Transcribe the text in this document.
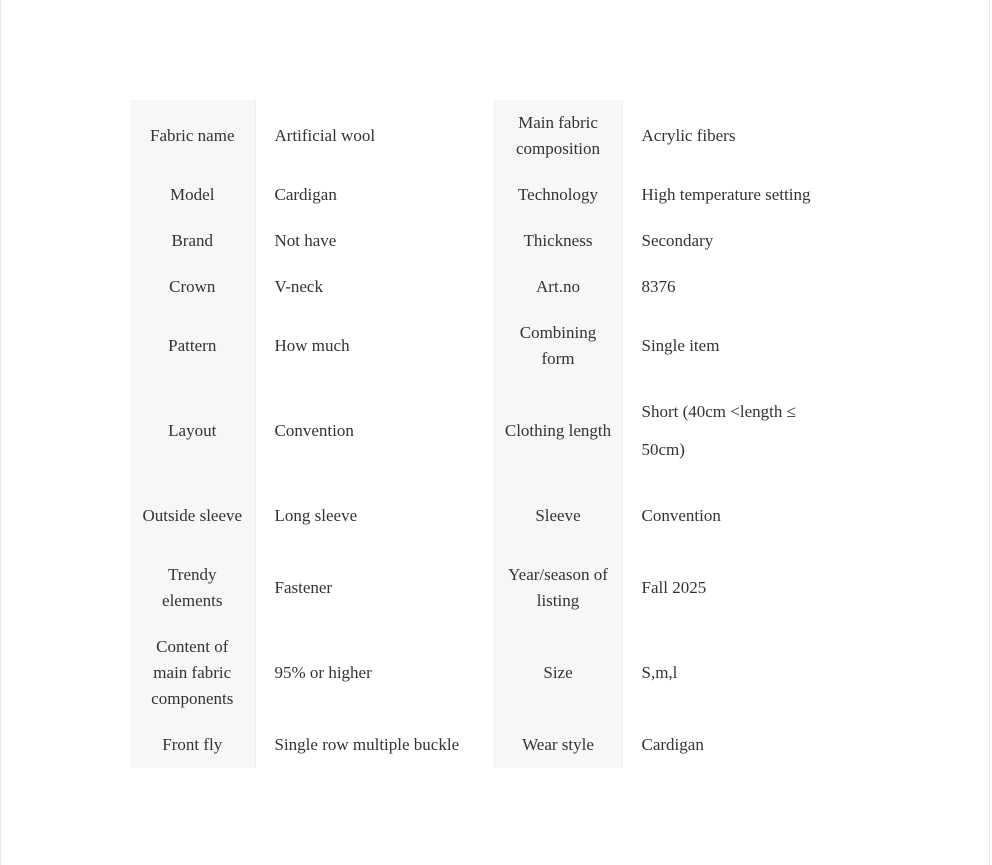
Fabric name	Artificial wool	Main fabric composition	Acrylic fibers
Model	Cardigan	Technology	High temperature setting
Brand	Not have	Thickness	Secondary
Crown	V-neck	Art.no	8376
Pattern	How much	Combining form	Single item
Layout	Convention	Clothing length	Short (40cm <length ≤ 50cm)
Outside sleeve	Long sleeve	Sleeve	Convention
Trendy elements	Fastener	Year/season of listing	Fall 2025
Content of main fabric components	95% or higher	Size	S,m,l
Front fly	Single row multiple buckle	Wear style	Cardigan
